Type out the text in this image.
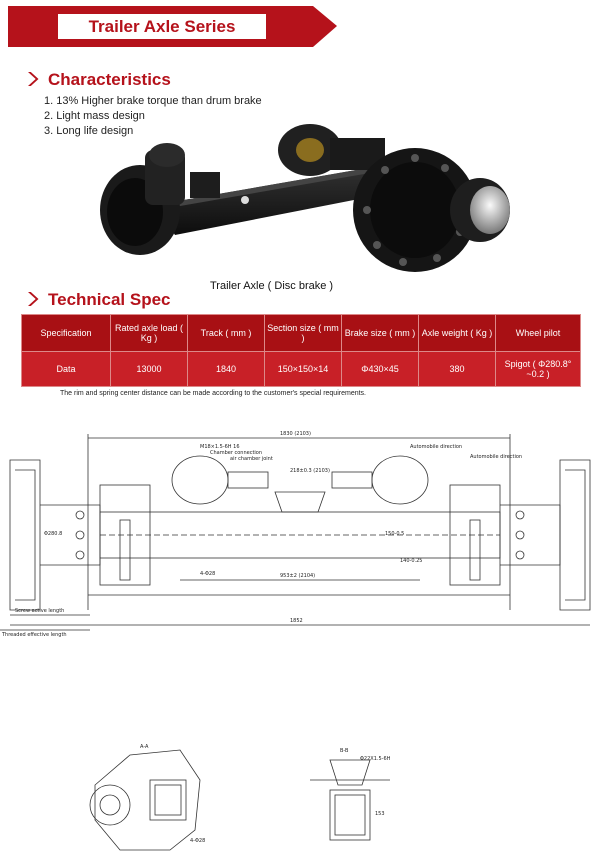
Trailer Axle Series
Characteristics
1. 13% Higher brake torque than drum brake
2. Light mass design
3. Long life design
Trailer Axle ( Disc brake )
Technical Spec
Specification	Rated axle load ( Kg )	Track ( mm )	Section size ( mm )	Brake size ( mm )	Axle weight ( Kg )	Wheel pilot
Data	13000	1840	150×150×14	Φ430×45	380	Spigot ( Φ280.8° ~0.2 )
The rim and spring center distance can be made according to the customer's special requirements.
1830 (2103)
1852
953±2 (2104)
218±0.3 (2103)
140-0.25
M18×1.5-6H 16
Chamber connection
air chamber joint
Automobile direction
Automobile direction
Screw active length
Threaded effective length
4-Φ28
Φ280.8	150-0.5
A-A
B-B
Φ22X1.5-6H
153
4-Φ28
